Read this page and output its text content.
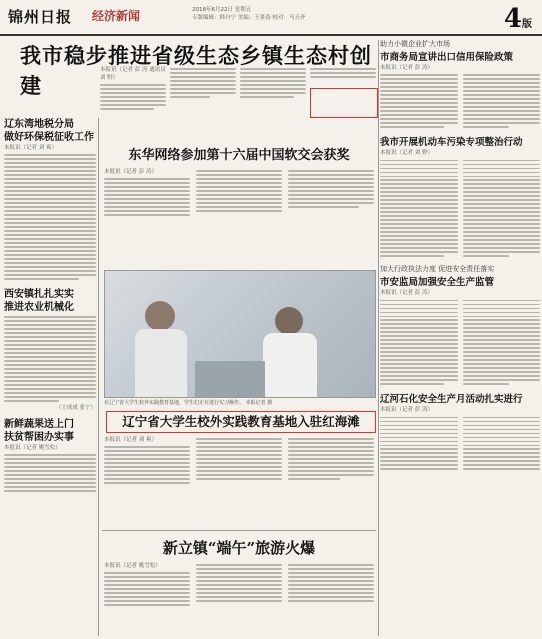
锦州日报 经济新闻	2018年6月22日 星期五
专版编辑：韩丹宁 美编：王景春 校对：马天齐	4版
我市稳步推进省级生态乡镇生态村创建
本报讯（记者 彭 涛 通讯员 刘 野）
辽东湾地税分局
做好环保税征收工作
本报讯（记者 刘 爽）
西安镇扎扎实实
推进农业机械化
（王成成 张宁）
新鲜蔬果送上门
扶贫帮困办实事
本报讯（记者 姚雪松）
东华网络参加第十六届中国软交会获奖
本报讯（记者 彭 涛）
在辽宁省大学生校外实践教育基地，学生们正在进行实习操作。 本报记者 摄
辽宁省大学生校外实践教育基地入驻红海滩
本报讯（记者 刘 爽）
新立镇“端午”旅游火爆
本报讯（记者 姚雪松）
助力小微企业扩大市场
市商务局宣讲出口信用保险政策
本报讯（记者 彭 涛）
我市开展机动车污染专项整治行动
本报讯（记者 刘 野）
加大行政执法力度 促进安全责任落实
市安监局加强安全生产监管
本报讯（记者 彭 涛）
辽河石化安全生产月活动扎实进行
本报讯（记者 彭 涛）
